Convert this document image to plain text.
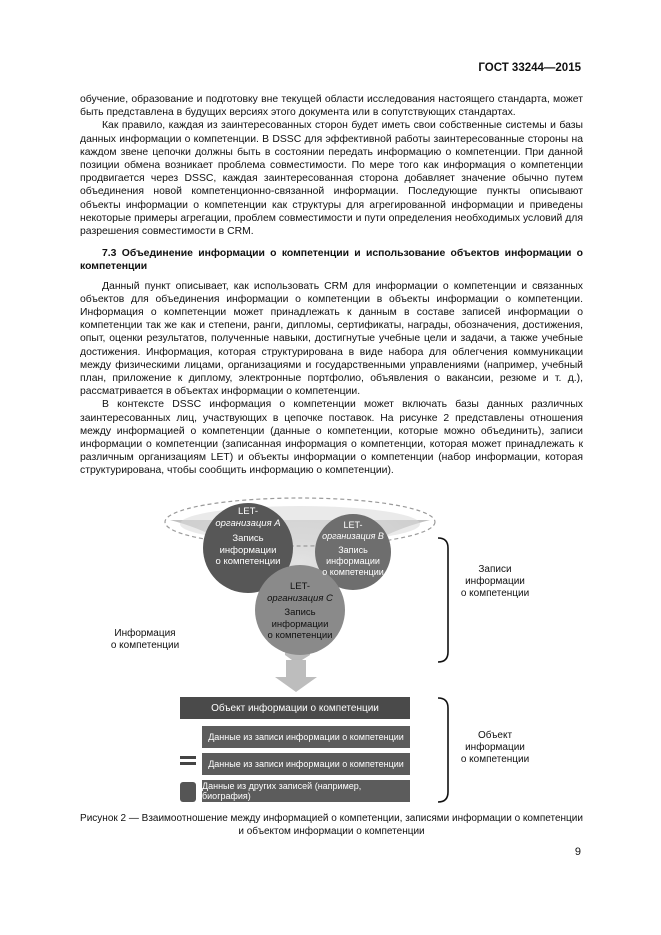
ГОСТ 33244—2015

обучение, образование и подготовку вне текущей области исследования настоящего стандарта, может быть представлена в будущих версиях этого документа или в сопутствующих стандартах.

Как правило, каждая из заинтересованных сторон будет иметь свои собственные системы и базы данных информации о компетенции. В DSSC для эффективной работы заинтересованные стороны на каждом звене цепочки должны быть в состоянии передать информацию о компетенции. При данной позиции обмена возникает проблема совместимости. По мере того как информация о компетенции продвигается через DSSC, каждая заинтересованная сторона добавляет значение обычно путем объединения новой компетенционно-связанной информации. Последующие пункты описывают объекты информации о компетенции как структуры для агрегированной информации и приведены некоторые примеры агрегации, проблем совместимости и пути определения необходимых условий для разрешения совместимости в CRM.

7.3 Объединение информации о компетенции и использование объектов информации о компетенции

Данный пункт описывает, как использовать CRM для информации о компетенции и связанных объектов для объединения информации о компетенции в объекты информации о компетенции. Информация о компетенции может принадлежать к данным в составе записей информации о компетенции так же как и степени, ранги, дипломы, сертификаты, награды, обозначения, достижения, опыт, оценки результатов, полученные навыки, достигнутые учебные цели и задачи, а также учебные достижения. Информация, которая структурирована в виде набора для облегчения коммуникации между физическими лицами, организациями и государственными управлениями (например, учебный план, приложение к диплому, электронные портфолио, объявления о вакансии, резюме и т. д.), рассматривается в объектах информации о компетенции.

В контексте DSSC информация о компетенции может включать базы данных различных заинтересованных лиц, участвующих в цепочке поставок. На рисунке 2 представлены отношения между информацией о компетенции (данные о компетенции, которые можно объединить), записи информации о компетенции (записанная информация о компетенции, которая может принадлежать к различным организациям LET) и объекты информации о компетенции (набор информации, которая структурирована, чтобы сообщить информацию о компетенции).

LET-
организация A
Запись
информации
о компетенции
LET-
организация B
Запись
информации
о компетенции
LET-
организация C
Запись
информации
о компетенции
Информация
о компетенции
Записи
информации
о компетенции
Объект
информации
о компетенции
Объект информации о компетенции
Данные из записи информации о компетенции
Данные из записи информации о компетенции
Данные из других записей (например, биография)
Рисунок 2 — Взаимоотношение между информацией о компетенции, записями информации о компетенции
и объектом информации о компетенции
9
